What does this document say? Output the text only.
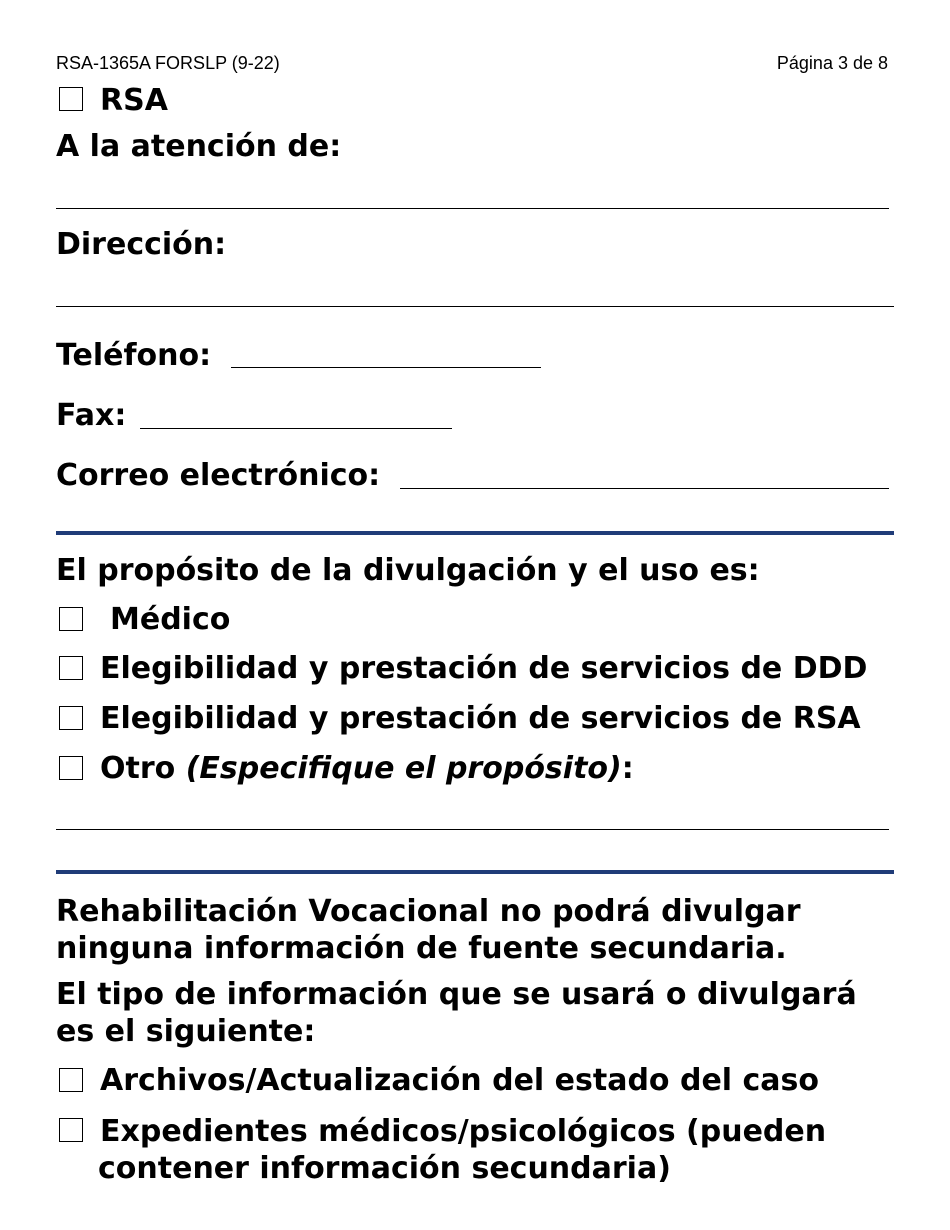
RSA-1365A FORSLP (9-22)	Página 3 de 8
RSA
A la atención de:
Dirección:
Teléfono:
Fax:
Correo electrónico:
El propósito de la divulgación y el uso es:
Médico
Elegibilidad y prestación de servicios de DDD
Elegibilidad y prestación de servicios de RSA
Otro (Especifique el propósito):
Rehabilitación Vocacional no podrá divulgar
ninguna información de fuente secundaria.
El tipo de información que se usará o divulgará
es el siguiente:
Archivos/Actualización del estado del caso
Expedientes médicos/psicológicos (pueden
contener información secundaria)
